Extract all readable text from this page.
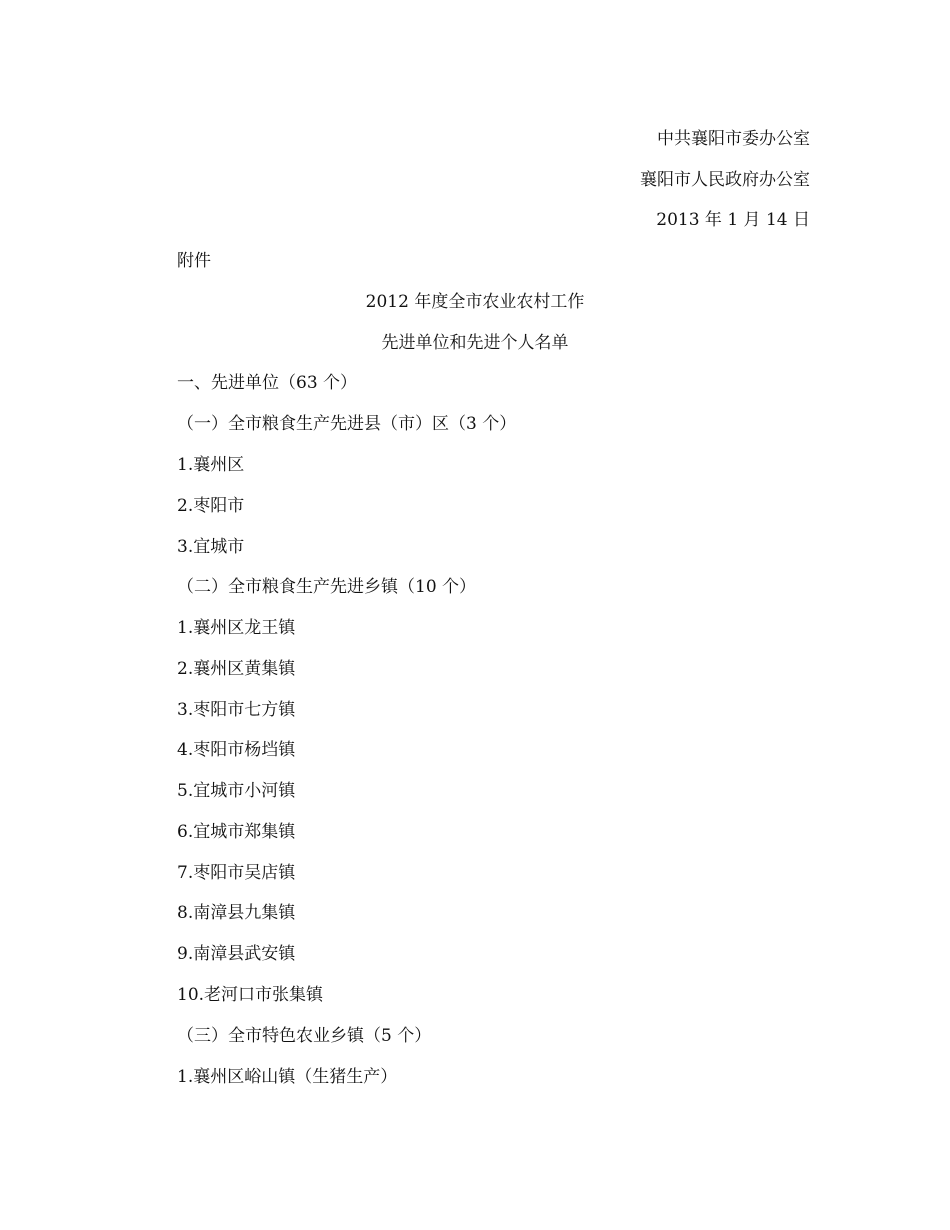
中共襄阳市委办公室
襄阳市人民政府办公室
2013 年 1 月 14 日
附件
2012 年度全市农业农村工作
先进单位和先进个人名单
一、先进单位（63 个）
（一）全市粮食生产先进县（市）区（3 个）
1.襄州区
2.枣阳市
3.宜城市
（二）全市粮食生产先进乡镇（10 个）
1.襄州区龙王镇
2.襄州区黄集镇
3.枣阳市七方镇
4.枣阳市杨垱镇
5.宜城市小河镇
6.宜城市郑集镇
7.枣阳市吴店镇
8.南漳县九集镇
9.南漳县武安镇
10.老河口市张集镇
（三）全市特色农业乡镇（5 个）
1.襄州区峪山镇（生猪生产）
